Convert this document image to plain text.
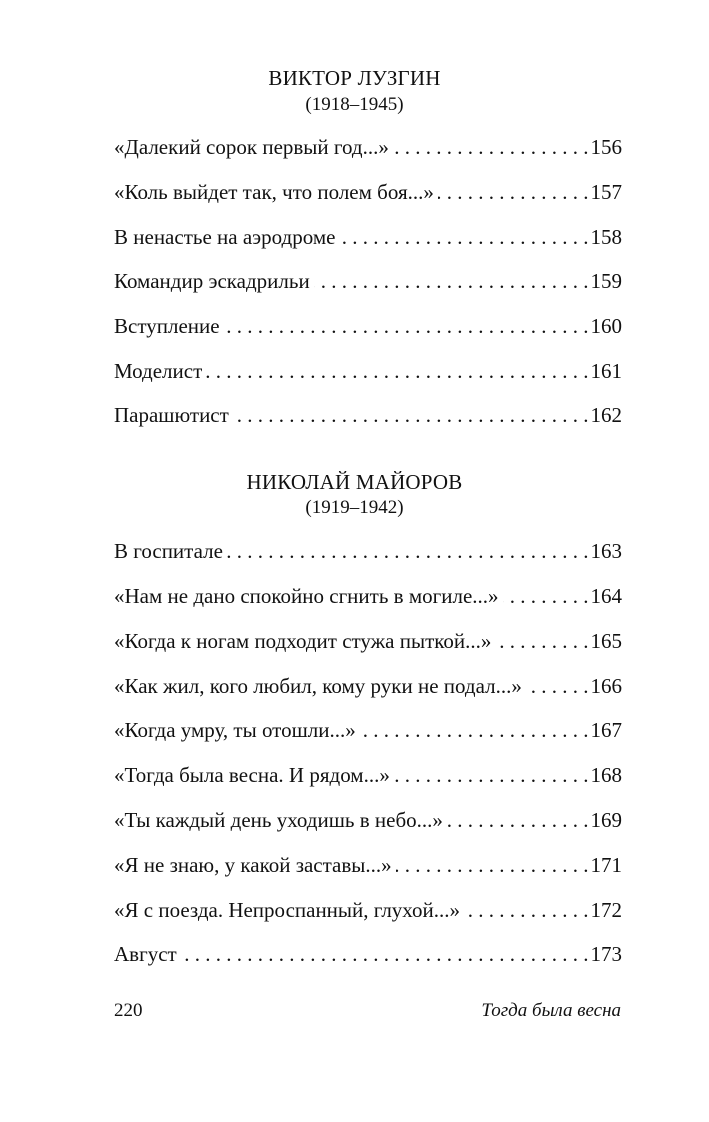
ВИКТОР ЛУЗГИН
(1918–1945)
«Далекий сорок первый год...» . . .	156
«Коль выйдет так, что полем боя...» . . .	157
В ненастье на аэродроме . . .	158
Командир эскадрильи . . .	159
Вступление . . .	160
Моделист . . .	161
Парашютист . . .	162
НИКОЛАЙ МАЙОРОВ
(1919–1942)
В госпитале . . .	163
«Нам не дано спокойно сгнить в могиле...» . . .	164
«Когда к ногам подходит стужа пыткой...» . . .	165
«Как жил, кого любил, кому руки не подал...» . . .	166
«Когда умру, ты отошли...» . . .	167
«Тогда была весна. И рядом...» . . .	168
«Ты каждый день уходишь в небо...» . . .	169
«Я не знаю, у какой заставы...» . . .	171
«Я с поезда. Непроспанный, глухой...» . . .	172
Август . . .	173
220	Тогда была весна
